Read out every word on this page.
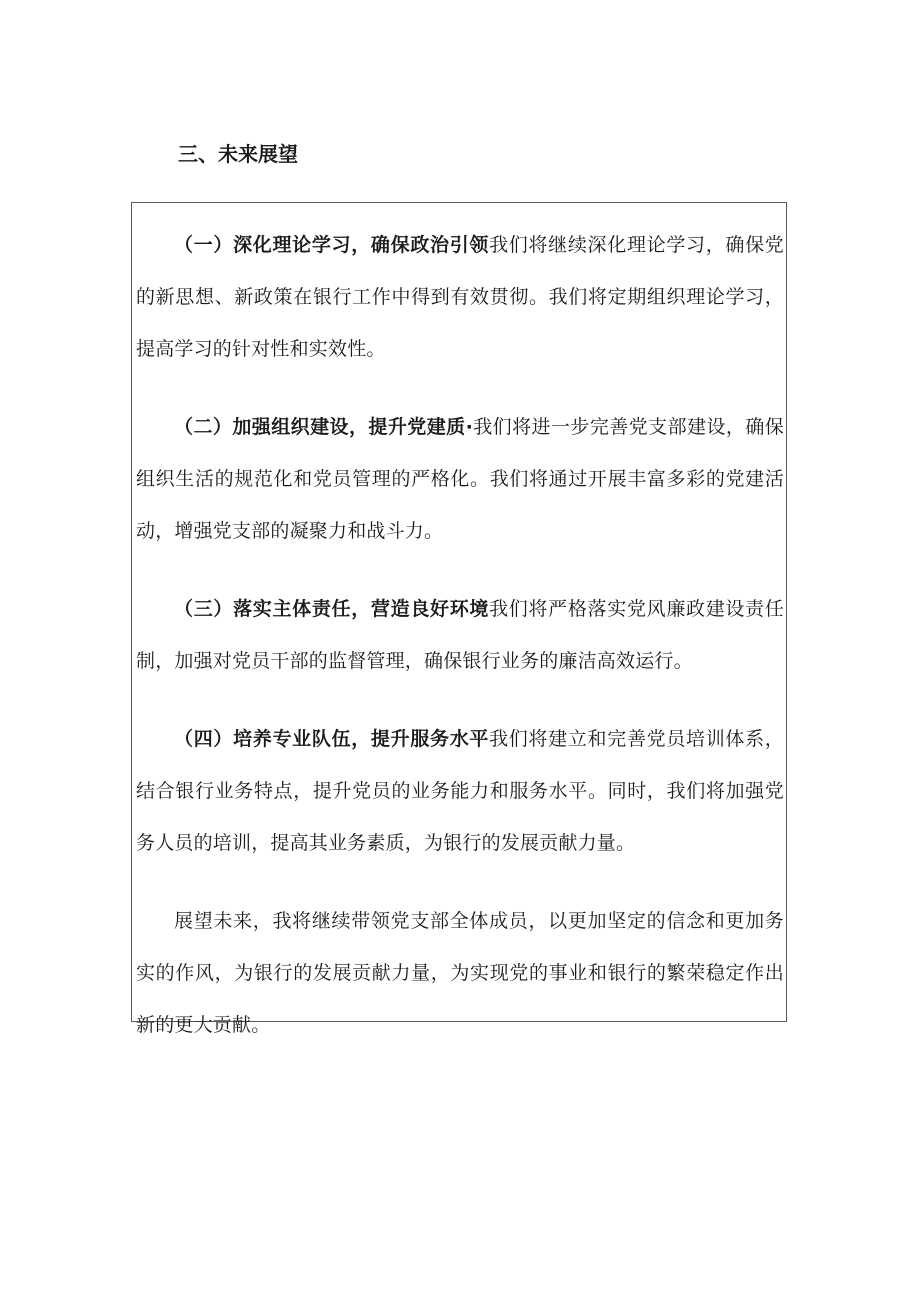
三、未来展望

（一）深化理论学习，确保政治引领我们将继续深化理论学习，确保党的新思想、新政策在银行工作中得到有效贯彻。我们将定期组织理论学习，提高学习的针对性和实效性。

（二）加强组织建设，提升党建质·我们将进一步完善党支部建设，确保组织生活的规范化和党员管理的严格化。我们将通过开展丰富多彩的党建活动，增强党支部的凝聚力和战斗力。

（三）落实主体责任，营造良好环境我们将严格落实党风廉政建设责任制，加强对党员干部的监督管理，确保银行业务的廉洁高效运行。

（四）培养专业队伍，提升服务水平我们将建立和完善党员培训体系，结合银行业务特点，提升党员的业务能力和服务水平。同时，我们将加强党务人员的培训，提高其业务素质，为银行的发展贡献力量。

展望未来，我将继续带领党支部全体成员，以更加坚定的信念和更加务实的作风，为银行的发展贡献力量，为实现党的事业和银行的繁荣稳定作出新的更大贡献。
